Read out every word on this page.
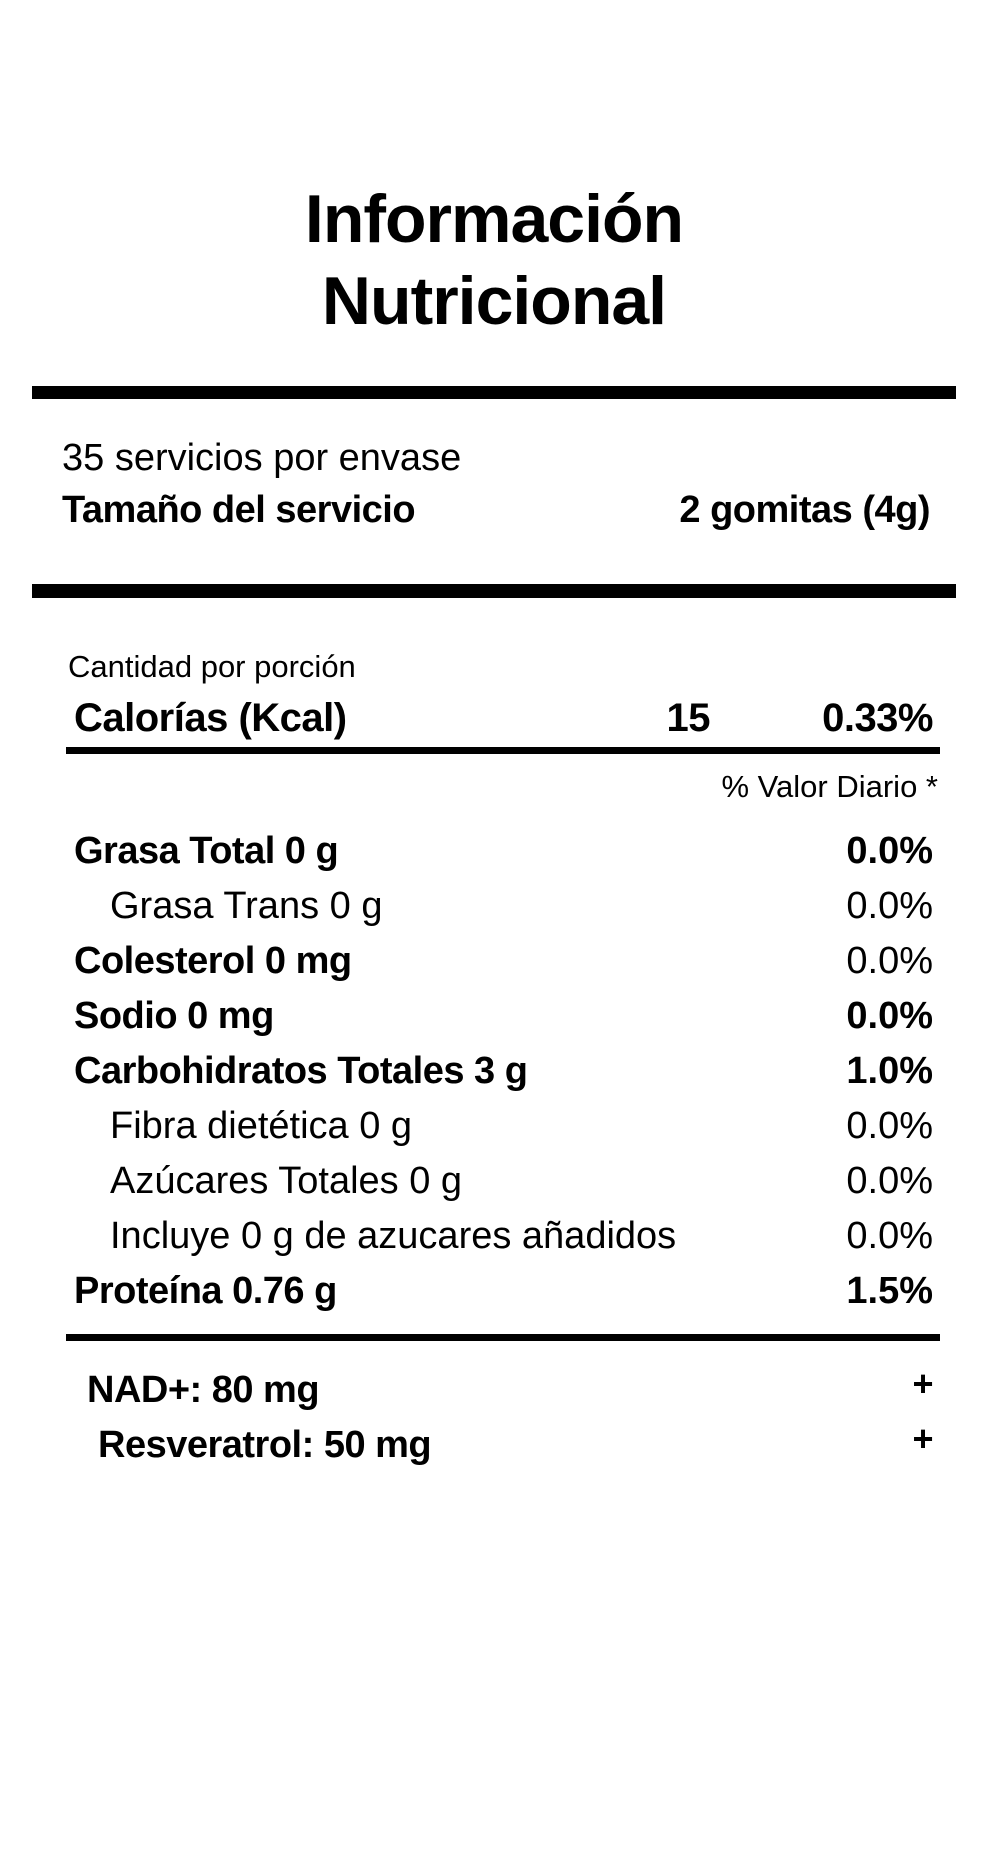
Información
Nutricional
35 servicios por envase
Tamaño del servicio	2 gomitas (4g)
Cantidad por porción
Calorías (Kcal)	15	0.33%
% Valor Diario *
Grasa Total 0 g	0.0%
Grasa Trans 0 g	0.0%
Colesterol 0 mg	0.0%
Sodio 0 mg	0.0%
Carbohidratos Totales 3 g	1.0%
Fibra dietética 0 g	0.0%
Azúcares Totales 0 g	0.0%
Incluye 0 g de azucares añadidos	0.0%
Proteína 0.76 g	1.5%
NAD+: 80 mg	+
Resveratrol: 50 mg	+
